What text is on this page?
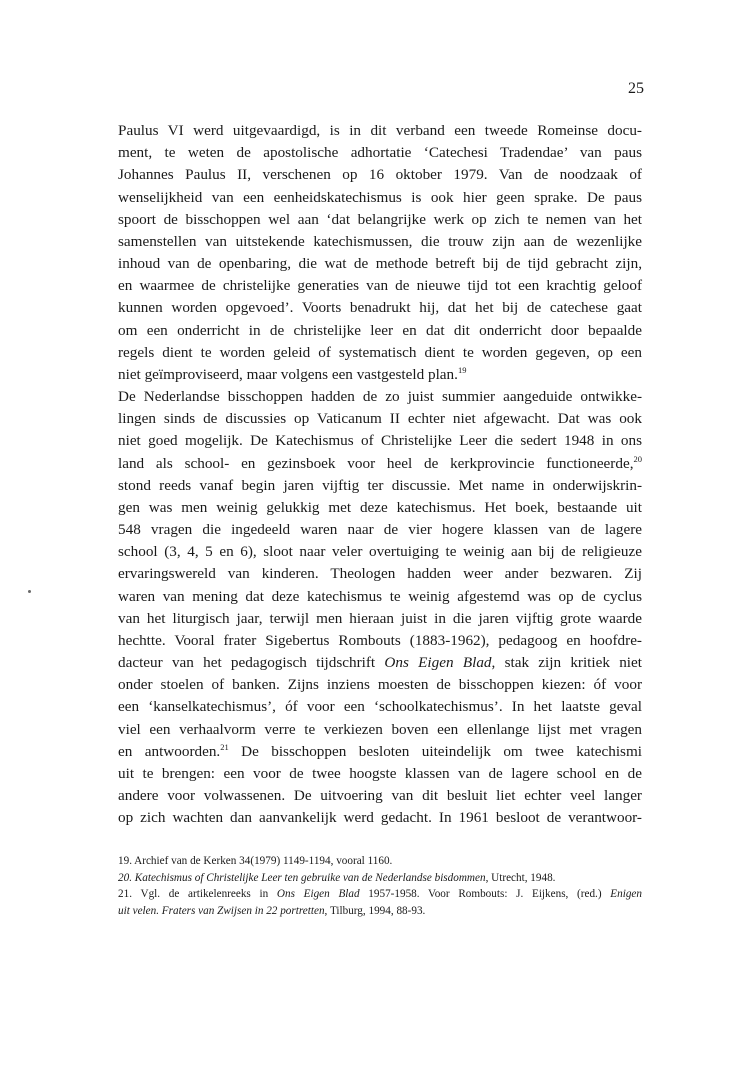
25
Paulus VI werd uitgevaardigd, is in dit verband een tweede Romeinse docu-
ment, te weten de apostolische adhortatie ‘Catechesi Tradendae’ van paus
Johannes Paulus II, verschenen op 16 oktober 1979. Van de noodzaak of
wenselijkheid van een eenheidskatechismus is ook hier geen sprake. De paus
spoort de bisschoppen wel aan ‘dat belangrijke werk op zich te nemen van het
samenstellen van uitstekende katechismussen, die trouw zijn aan de wezenlijke
inhoud van de openbaring, die wat de methode betreft bij de tijd gebracht zijn,
en waarmee de christelijke generaties van de nieuwe tijd tot een krachtig geloof
kunnen worden opgevoed’. Voorts benadrukt hij, dat het bij de catechese gaat
om een onderricht in de christelijke leer en dat dit onderricht door bepaalde
regels dient te worden geleid of systematisch dient te worden gegeven, op een
niet geïmproviseerd, maar volgens een vastgesteld plan.$^{19}$
De Nederlandse bisschoppen hadden de zo juist summier aangeduide ontwikke-
lingen sinds de discussies op Vaticanum II echter niet afgewacht. Dat was ook
niet goed mogelijk. De Katechismus of Christelijke Leer die sedert 1948 in ons
land als school- en gezinsboek voor heel de kerkprovincie functioneerde,$^{20}$
stond reeds vanaf begin jaren vijftig ter discussie. Met name in onderwijskrin-
gen was men weinig gelukkig met deze katechismus. Het boek, bestaande uit
548 vragen die ingedeeld waren naar de vier hogere klassen van de lagere
school (3, 4, 5 en 6), sloot naar veler overtuiging te weinig aan bij de religieuze
ervaringswereld van kinderen. Theologen hadden weer ander bezwaren. Zij
waren van mening dat deze katechismus te weinig afgestemd was op de cyclus
van het liturgisch jaar, terwijl men hieraan juist in die jaren vijftig grote waarde
hechtte. Vooral frater Sigebertus Rombouts (1883-1962), pedagoog en hoofdre-
dacteur van het pedagogisch tijdschrift Ons Eigen Blad, stak zijn kritiek niet
onder stoelen of banken. Zijns inziens moesten de bisschoppen kiezen: óf voor
een ‘kanselkatechismus’, óf voor een ‘schoolkatechismus’. In het laatste geval
viel een verhaalvorm verre te verkiezen boven een ellenlange lijst met vragen
en antwoorden.$^{21}$ De bisschoppen besloten uiteindelijk om twee katechismi
uit te brengen: een voor de twee hoogste klassen van de lagere school en de
andere voor volwassenen. De uitvoering van dit besluit liet echter veel langer
op zich wachten dan aanvankelijk werd gedacht. In 1961 besloot de verantwoor-
19. Archief van de Kerken 34(1979) 1149-1194, vooral 1160.
20. Katechismus of Christelijke Leer ten gebruike van de Nederlandse bisdommen, Utrecht, 1948.
21. Vgl. de artikelenreeks in Ons Eigen Blad 1957-1958. Voor Rombouts: J. Eijkens, (red.) Enigen
uit velen. Fraters van Zwijsen in 22 portretten, Tilburg, 1994, 88-93.
